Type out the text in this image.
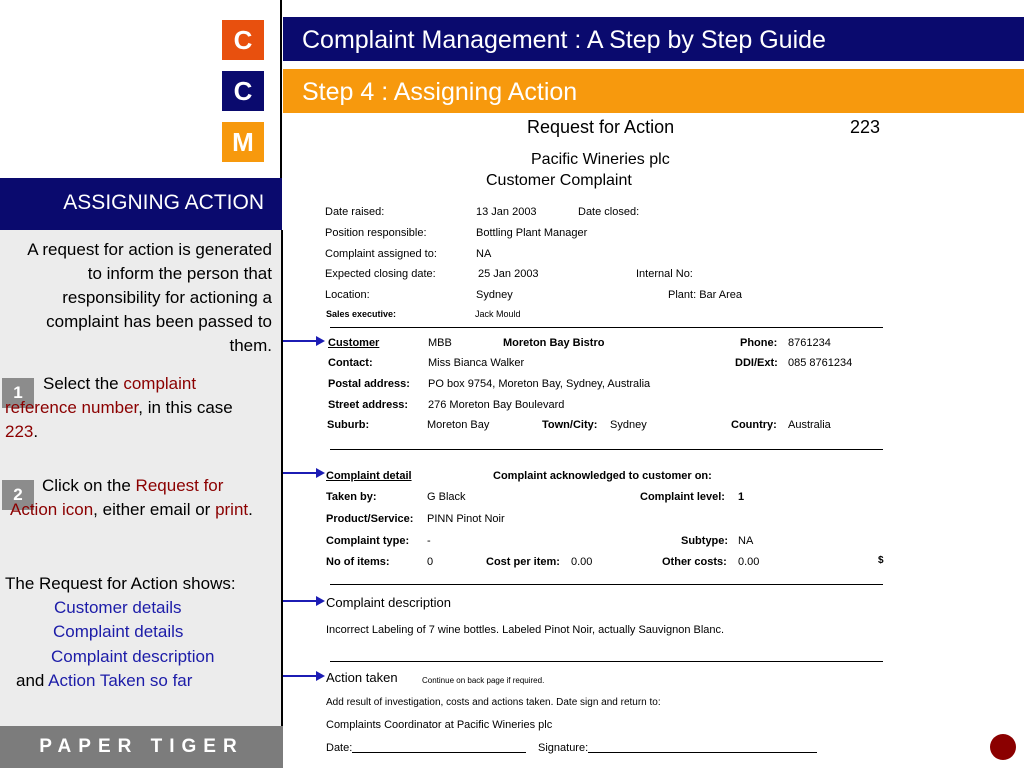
C
C
M
Complaint Management : A Step by Step Guide
Step 4 : Assigning Action
ASSIGNING ACTION
A request for action is generated to inform the person that responsibility for actioning a complaint has been passed to them.
1	Select the complaint reference number, in this case 223.
2	Click on the Request for Action icon, either email or print.
The Request for Action shows:
Customer details
Complaint details
Complaint description
and Action Taken so far
PAPER TIGER
Request for Action	223
Pacific Wineries plc
Customer Complaint
Date raised:	13 Jan 2003	Date closed:
Position responsible:	Bottling Plant Manager
Complaint assigned to:	NA
Expected closing date:	25 Jan 2003	Internal No:
Location:	Sydney	Plant: Bar Area
Sales executive:	Jack Mould
Customer	MBB	Moreton Bay Bistro	Phone: 8761234
Contact:	Miss Bianca Walker	DDI/Ext: 085 8761234
Postal address: PO box 9754, Moreton Bay, Sydney, Australia
Street address: 276 Moreton Bay Boulevard
Suburb:	Moreton Bay	Town/City: Sydney	Country: Australia
Complaint detail	Complaint acknowledged to customer on:
Taken by:	G Black	Complaint level: 1
Product/Service: PINN Pinot Noir
Complaint type: -	Subtype: NA
No of items:	0	Cost per item: 0.00	Other costs: 0.00	$
Complaint description
Incorrect Labeling of 7 wine bottles. Labeled Pinot Noir, actually Sauvignon Blanc.
Action taken	Continue on back page if required.
Add result of investigation, costs and actions taken. Date sign and return to:
Complaints Coordinator at Pacific Wineries plc
Date:	Signature:
